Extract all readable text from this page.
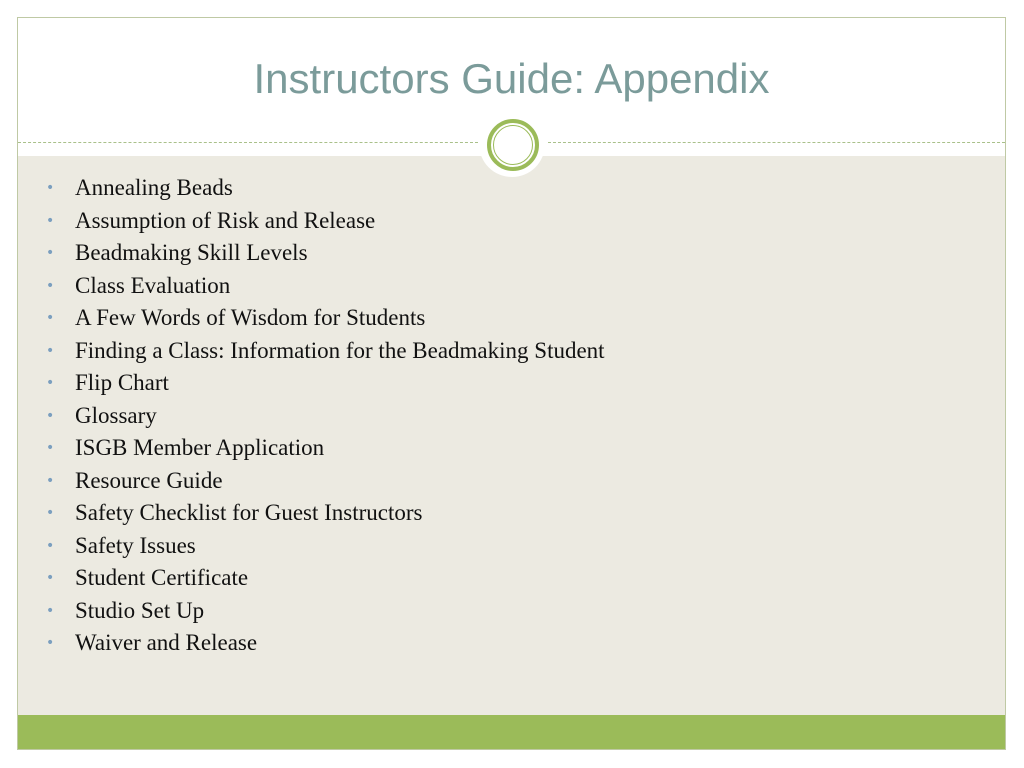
Instructors Guide: Appendix
• Annealing Beads
• Assumption of Risk and Release
• Beadmaking Skill Levels
• Class Evaluation
• A Few Words of Wisdom for Students
• Finding a Class: Information for the Beadmaking Student
• Flip Chart
• Glossary
• ISGB Member Application
• Resource Guide
• Safety Checklist for Guest Instructors
• Safety Issues
• Student Certificate
• Studio Set Up
• Waiver and Release
